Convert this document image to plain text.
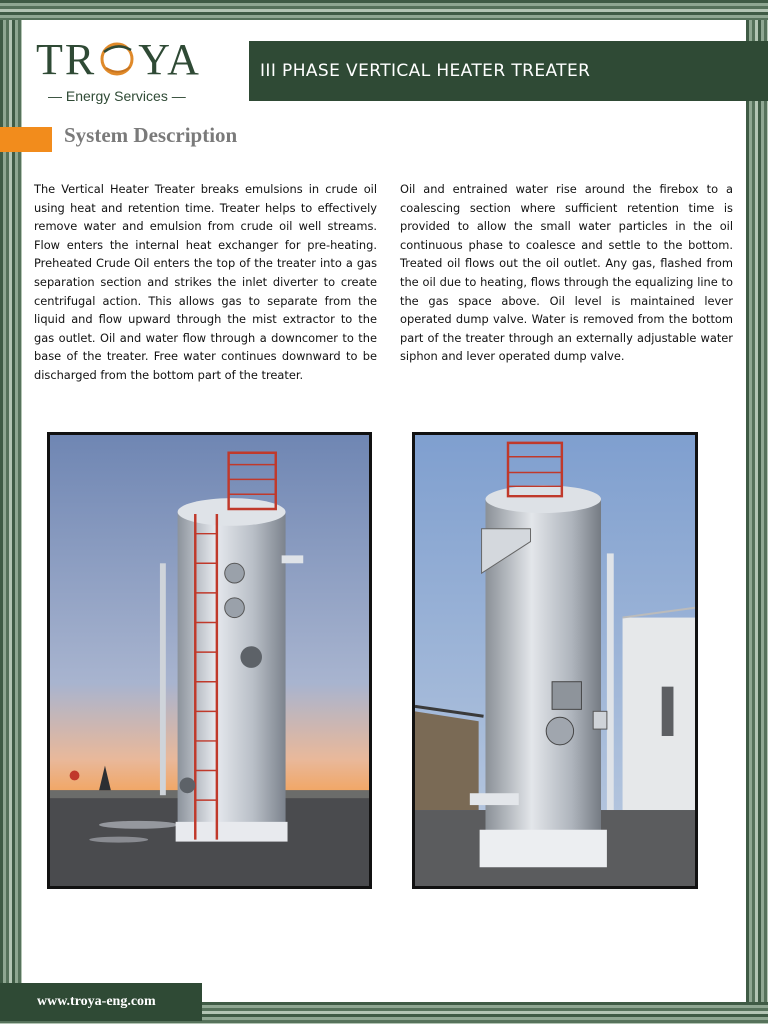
TR YA
— Energy Services —
III PHASE VERTICAL HEATER TREATER
System Description
The Vertical Heater Treater breaks emulsions in crude oil using heat and retention time. Treater helps to effectively remove water and emulsion from crude oil well streams. Flow enters the internal heat exchanger for pre-heating. Preheated Crude Oil enters the top of the treater into a gas separation section and strikes the inlet diverter to create centrifugal action. This allows gas to separate from the liquid and flow upward through the mist extractor to the gas outlet. Oil and water flow through a downcomer to the base of the treater. Free water continues downward to be discharged from the bottom part of the treater.
Oil and entrained water rise around the firebox to a coalescing section where sufficient retention time is provided to allow the small water particles in the oil continuous phase to coalesce and settle to the bottom. Treated oil flows out the oil outlet. Any gas, flashed from the oil due to heating, flows through the equalizing line to the gas space above. Oil level is maintained lever operated dump valve. Water is removed from the bottom part of the treater through an externally adjustable water siphon and lever operated dump valve.
www.troya-eng.com
